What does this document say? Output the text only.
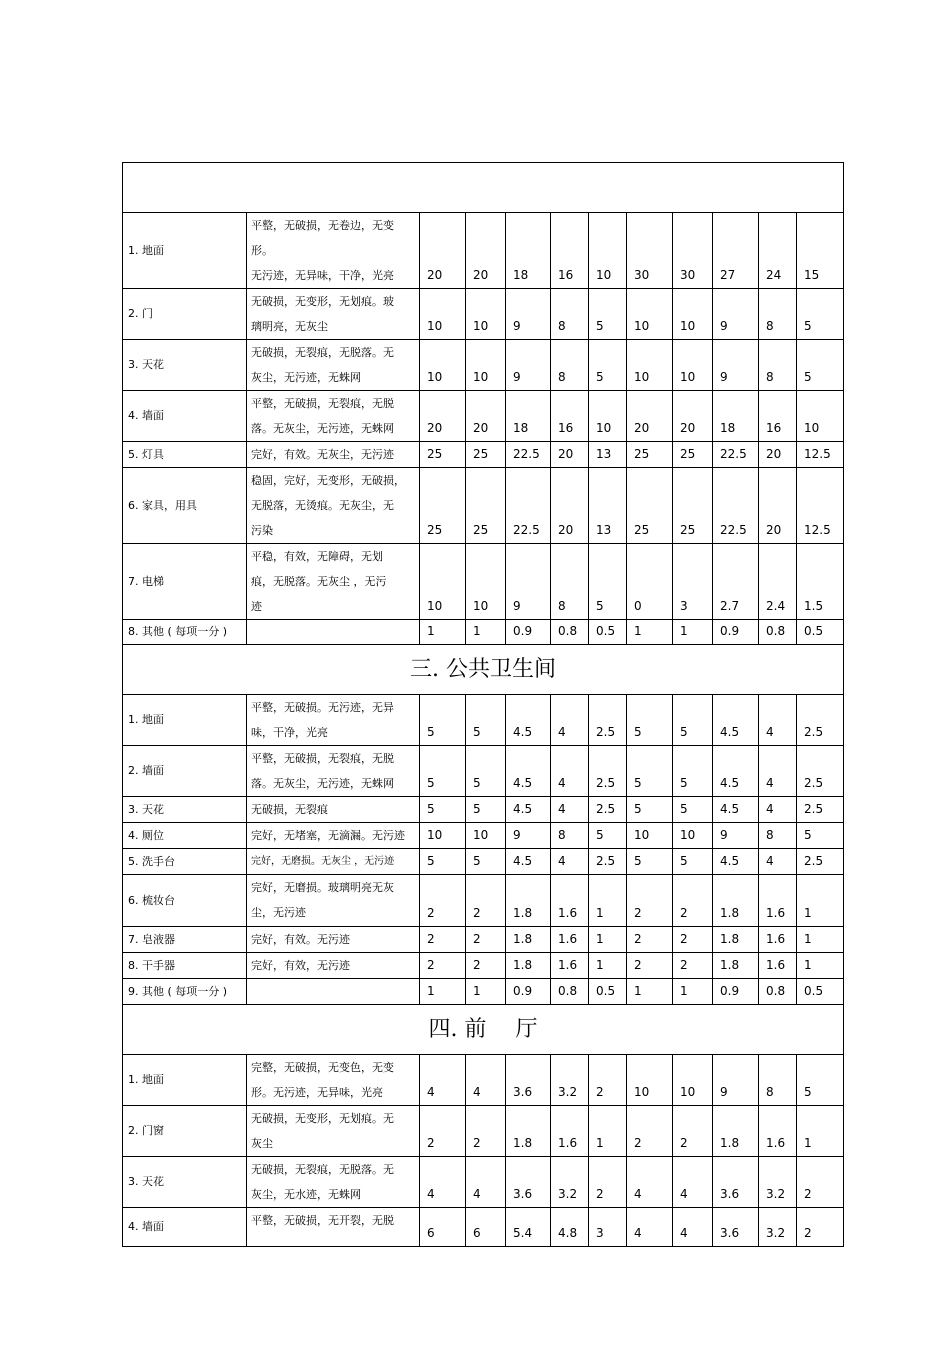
1. 地面	平整，无破损，无卷边，无变形。
无污迹，无异味，干净，光亮	20	20	18	16	10	30	30	27	24	15
2. 门	无破损，无变形，无划痕。玻
璃明亮，无灰尘	10	10	9	8	5	10	10	9	8	5
3. 天花	无破损，无裂痕，无脱落。无
灰尘，无污迹，无蛛网	10	10	9	8	5	10	10	9	8	5
4. 墙面	平整，无破损，无裂痕，无脱
落。无灰尘，无污迹，无蛛网	20	20	18	16	10	20	20	18	16	10
5. 灯具	完好，有效。无灰尘，无污迹	25	25	22.5	20	13	25	25	22.5	20	12.5
6. 家具，用具	稳固，完好，无变形，无破损，
无脱落，无烫痕。无灰尘，无
污染	25	25	22.5	20	13	25	25	22.5	20	12.5
7. 电梯	平稳，有效，无障碍，无划
痕，无脱落。无灰尘 ，无污
迹	10	10	9	8	5	0	3	2.7	2.4	1.5
8. 其他 ( 每项一分 )		1	1	0.9	0.8	0.5	1	1	0.9	0.8	0.5
三. 公共卫生间											
1. 地面	平整，无破损。无污迹，无异
味，干净，光亮	5	5	4.5	4	2.5	5	5	4.5	4	2.5
2. 墙面	平整，无破损，无裂痕，无脱
落。无灰尘，无污迹，无蛛网	5	5	4.5	4	2.5	5	5	4.5	4	2.5
3. 天花	无破损，无裂痕	5	5	4.5	4	2.5	5	5	4.5	4	2.5
4. 厕位	完好，无堵塞，无滴漏。无污迹	10	10	9	8	5	10	10	9	8	5
5. 洗手台	完好，无磨损。无灰尘 ，无污迹	5	5	4.5	4	2.5	5	5	4.5	4	2.5
6. 梳妆台	完好，无磨损。玻璃明亮无灰
尘，无污迹	2	2	1.8	1.6	1	2	2	1.8	1.6	1
7. 皂液器	完好，有效。无污迹	2	2	1.8	1.6	1	2	2	1.8	1.6	1
8. 干手器	完好，有效，无污迹	2	2	1.8	1.6	1	2	2	1.8	1.6	1
9. 其他 ( 每项一分 )		1	1	0.9	0.8	0.5	1	1	0.9	0.8	0.5
四. 前　 厅											
1. 地面	完整，无破损，无变色，无变
形。无污迹，无异味，光亮	4	4	3.6	3.2	2	10	10	9	8	5
2. 门窗	无破损，无变形，无划痕。无
灰尘	2	2	1.8	1.6	1	2	2	1.8	1.6	1
3. 天花	无破损，无裂痕，无脱落。无
灰尘，无水迹，无蛛网	4	4	3.6	3.2	2	4	4	3.6	3.2	2
4. 墙面	平整，无破损，无开裂，无脱	6	6	5.4	4.8	3	4	4	3.6	3.2	2
